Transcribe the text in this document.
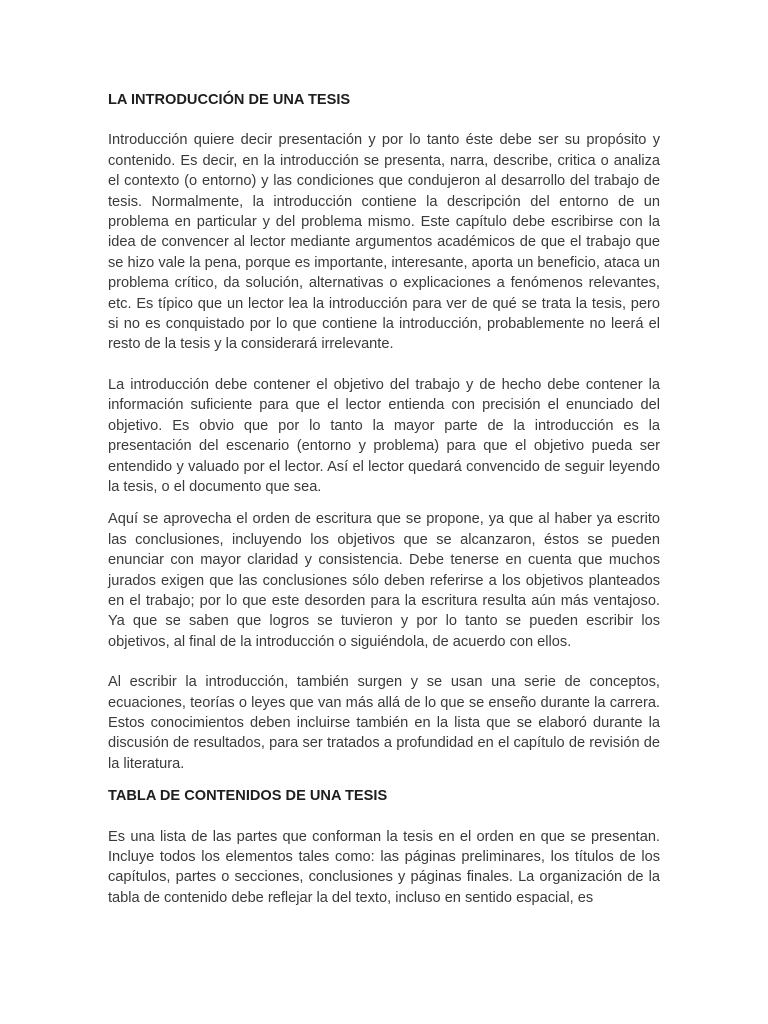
LA INTRODUCCIÓN DE UNA TESIS

Introducción quiere decir presentación y por lo tanto éste debe ser su propósito y contenido. Es decir, en la introducción se presenta, narra, describe, critica o analiza el contexto (o entorno) y las condiciones que condujeron al desarrollo del trabajo de tesis. Normalmente, la introducción contiene la descripción del entorno de un problema en particular y del problema mismo. Este capítulo debe escribirse con la idea de convencer al lector mediante argumentos académicos de que el trabajo que se hizo vale la pena, porque es importante, interesante, aporta un beneficio, ataca un problema crítico, da solución, alternativas o explicaciones a fenómenos relevantes, etc. Es típico que un lector lea la introducción para ver de qué se trata la tesis, pero si no es conquistado por lo que contiene la introducción, probablemente no leerá el resto de la tesis y la considerará irrelevante.

La introducción debe contener el objetivo del trabajo y de hecho debe contener la información suficiente para que el lector entienda con precisión el enunciado del objetivo. Es obvio que por lo tanto la mayor parte de la introducción es la presentación del escenario (entorno y problema) para que el objetivo pueda ser entendido y valuado por el lector. Así el lector quedará convencido de seguir leyendo la tesis, o el documento que sea.

Aquí se aprovecha el orden de escritura que se propone, ya que al haber ya escrito las conclusiones, incluyendo los objetivos que se alcanzaron, éstos se pueden enunciar con mayor claridad y consistencia. Debe tenerse en cuenta que muchos jurados exigen que las conclusiones sólo deben referirse a los objetivos planteados en el trabajo; por lo que este desorden para la escritura resulta aún más ventajoso. Ya que se saben que logros se tuvieron y por lo tanto se pueden escribir los objetivos, al final de la introducción o siguiéndola, de acuerdo con ellos.

Al escribir la introducción, también surgen y se usan una serie de conceptos, ecuaciones, teorías o leyes que van más allá de lo que se enseño durante la carrera. Estos conocimientos deben incluirse también en la lista que se elaboró durante la discusión de resultados, para ser tratados a profundidad en el capítulo de revisión de la literatura.

TABLA DE CONTENIDOS DE UNA TESIS

Es una lista de las partes que conforman la tesis en el orden en que se presentan. Incluye todos los elementos tales como: las páginas preliminares, los títulos de los capítulos, partes o secciones, conclusiones y páginas finales. La organización de la tabla de contenido debe reflejar la del texto, incluso en sentido espacial, es
